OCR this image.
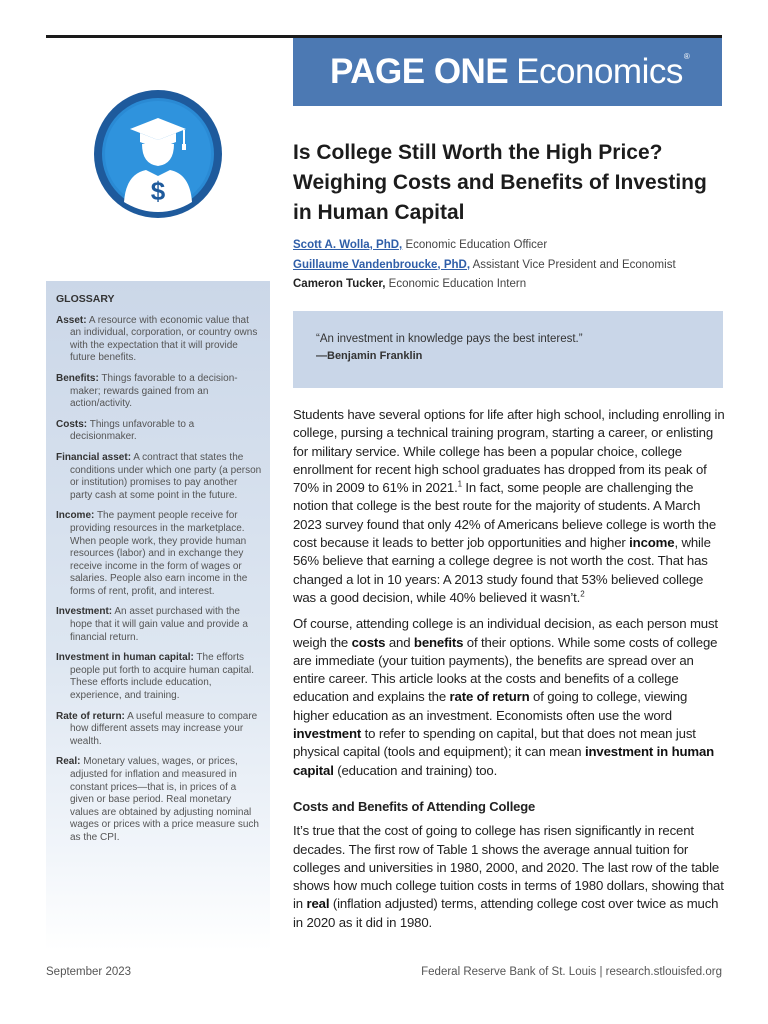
PAGE ONE Economics ®
$
Is College Still Worth the High Price? Weighing Costs and Benefits of Investing in Human Capital
Scott A. Wolla, PhD, Economic Education Officer
Guillaume Vandenbroucke, PhD, Assistant Vice President and Economist
Cameron Tucker, Economic Education Intern
“An investment in knowledge pays the best interest.”
—Benjamin Franklin
GLOSSARY
Asset: A resource with economic value that an individual, corporation, or country owns with the expectation that it will provide future benefits.
Benefits: Things favorable to a decision-maker; rewards gained from an action/activity.
Costs: Things unfavorable to a decisionmaker.
Financial asset: A contract that states the conditions under which one party (a person or institution) promises to pay another party cash at some point in the future.
Income: The payment people receive for providing resources in the marketplace. When people work, they provide human resources (labor) and in exchange they receive income in the form of wages or salaries. People also earn income in the forms of rent, profit, and interest.
Investment: An asset purchased with the hope that it will gain value and provide a financial return.
Investment in human capital: The efforts people put forth to acquire human capital. These efforts include education, experience, and training.
Rate of return: A useful measure to compare how different assets may increase your wealth.
Real: Monetary values, wages, or prices, adjusted for inflation and measured in constant prices—that is, in prices of a given or base period. Real monetary values are obtained by adjusting nominal wages or prices with a price measure such as the CPI.

Students have several options for life after high school, including enrolling in college, pursing a technical training program, starting a career, or enlisting for military service. While college has been a popular choice, college enrollment for recent high school graduates has dropped from its peak of 70% in 2009 to 61% in 2021.$^1$ In fact, some people are challenging the notion that college is the best route for the majority of students. A March 2023 survey found that only 42% of Americans believe college is worth the cost because it leads to better job opportunities and higher income, while 56% believe that earning a college degree is not worth the cost. That has changed a lot in 10 years: A 2013 study found that 53% believed college was a good decision, while 40% believed it wasn’t.$^2$

Of course, attending college is an individual decision, as each person must weigh the costs and benefits of their options. While some costs of college are immediate (your tuition payments), the benefits are spread over an entire career. This article looks at the costs and benefits of a college education and explains the rate of return of going to college, viewing higher education as an investment. Economists often use the word investment to refer to spending on capital, but that does not mean just physical capital (tools and equipment); it can mean investment in human capital (education and training) too.

Costs and Benefits of Attending College

It’s true that the cost of going to college has risen significantly in recent decades. The first row of Table 1 shows the average annual tuition for colleges and universities in 1980, 2000, and 2020. The last row of the table shows how much college tuition costs in terms of 1980 dollars, showing that in real (inflation adjusted) terms, attending college cost over twice as much in 2020 as it did in 1980.

September 2023	Federal Reserve Bank of St. Louis | research.stlouisfed.org
